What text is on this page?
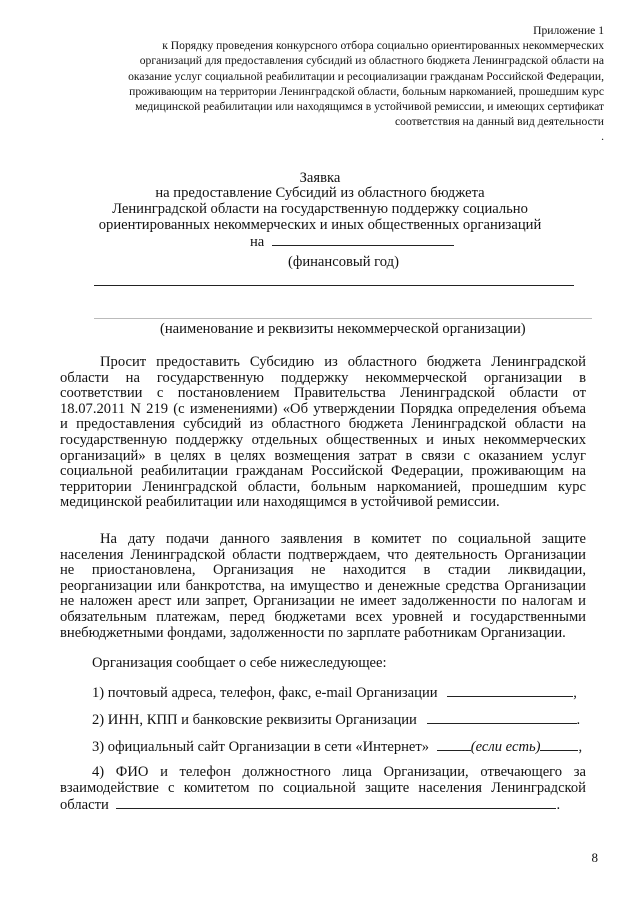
Приложение 1
к Порядку проведения конкурсного отбора социально ориентированных некоммерческих
организаций для предоставления субсидий из областного бюджета Ленинградской области на
оказание услуг социальной реабилитации и ресоциализации гражданам Российской Федерации,
проживающим на территории Ленинградской области, больным наркоманией, прошедшим курс
медицинской реабилитации или находящимся в устойчивой ремиссии, и имеющих сертификат
соответствия на данный вид деятельности
.
Заявка
на предоставление Субсидий из областного бюджета
Ленинградской области на государственную поддержку социально
ориентированных некоммерческих и иных общественных организаций
на
(финансовый год)
(наименование и реквизиты некоммерческой организации)
Просит предоставить Субсидию из областного бюджета Ленинградской
области на государственную поддержку некоммерческой организации в
соответствии с постановлением Правительства Ленинградской области от
18.07.2011 N 219 (с изменениями) «Об утверждении Порядка определения объема
и предоставления субсидий из областного бюджета Ленинградской области на
государственную поддержку отдельных общественных и иных некоммерческих
организаций» в целях в целях возмещения затрат в связи с оказанием услуг
социальной реабилитации гражданам Российской Федерации, проживающим на
территории Ленинградской области, больным наркоманией, прошедшим курс
медицинской реабилитации или находящимся в устойчивой ремиссии.
На дату подачи данного заявления в комитет по социальной защите
населения Ленинградской области подтверждаем, что деятельность Организации
не приостановлена, Организация не находится в стадии ликвидации,
реорганизации или банкротства, на имущество и денежные средства Организации
не наложен арест или запрет, Организации не имеет задолженности по налогам и
обязательным платежам, перед бюджетами всех уровней и государственными
внебюджетными фондами, задолженности по зарплате работникам Организации.
Организация сообщает о себе нижеследующее:
1) почтовый адреса, телефон, факс, e-mail Организации	,
2) ИНН, КПП и банковские реквизиты Организации	.
3) официальный сайт Организации в сети «Интернет»	(если есть)	,
4) ФИО и телефон должностного лица Организации, отвечающего за
взаимодействие с комитетом по социальной защите населения Ленинградской
области	.
8
